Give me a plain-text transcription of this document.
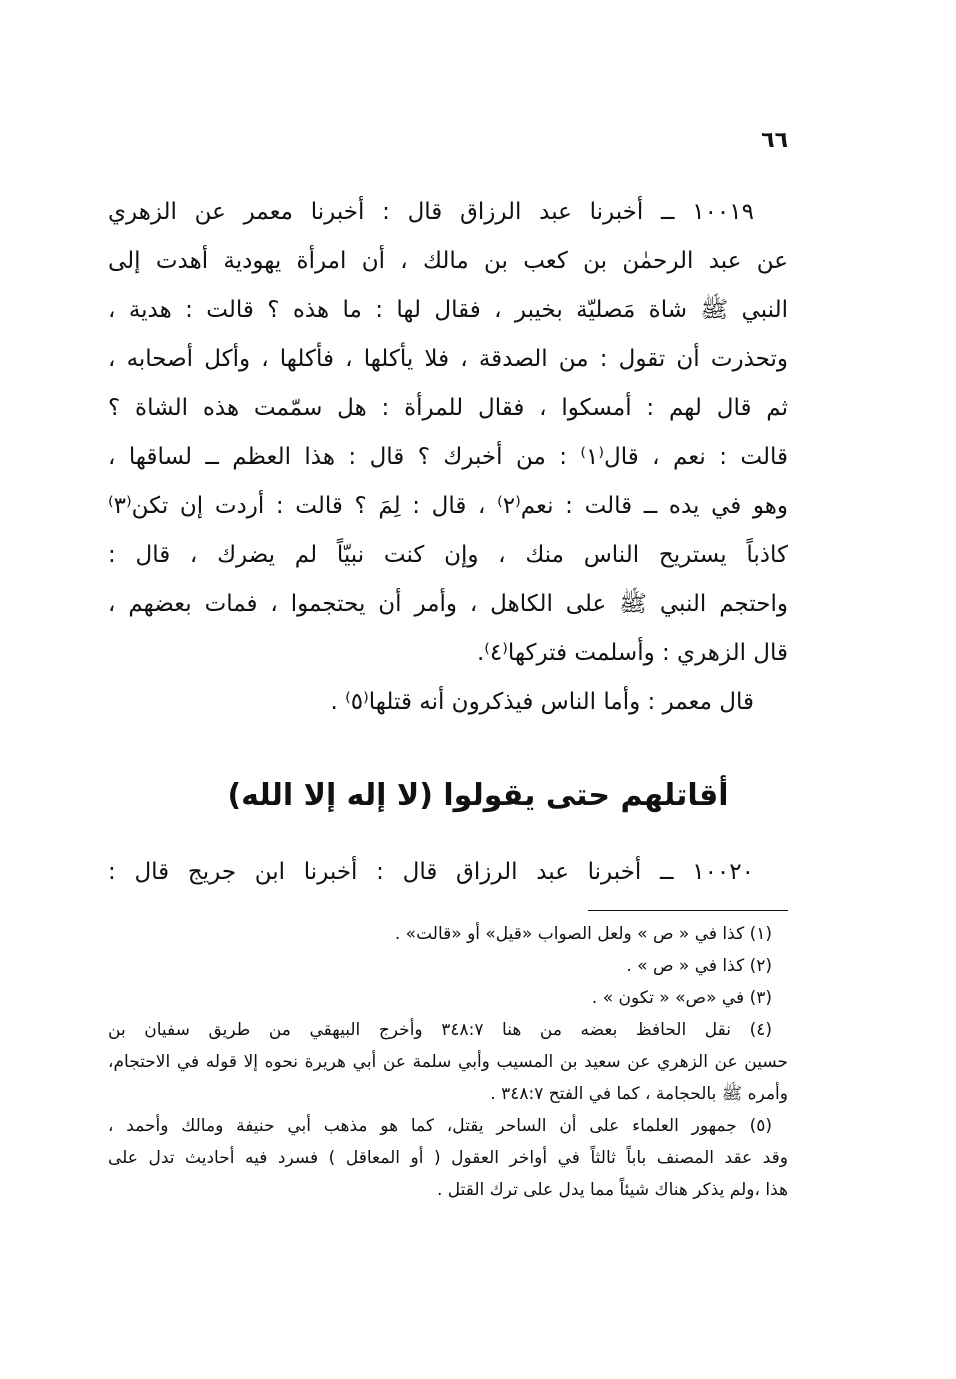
٦٦
١٠٠١٩ ــ أخبرنا عبد الرزاق قال : أخبرنا معمر عن الزهري
عن عبد الرحمٰن بن كعب بن مالك ، أن امرأة يهودية أهدت إلى
النبي ﷺ شاة مَصليّة بخيبر ، فقال لها : ما هذه ؟ قالت : هدية ،
وتحذرت أن تقول : من الصدقة ، فلا يأكلها ، فأكلها ، وأكل أصحابه ،
ثم قال لهم : أمسكوا ، فقال للمرأة : هل سمّمت هذه الشاة ؟
قالت : نعم ، قال⁽١⁾ : من أخبرك ؟ قال : هذا العظم ــ لساقها ،
وهو في يده ــ قالت : نعم⁽٢⁾ ، قال : لِمَ ؟ قالت : أردت إن تكن⁽٣⁾
كاذباً يستريح الناس منك ، وإن كنت نبيّاً لم يضرك ، قال :
واحتجم النبي ﷺ على الكاهل ، وأمر أن يحتجموا ، فمات بعضهم ،
قال الزهري : وأسلمت فتركها⁽٤⁾.
قال معمر : وأما الناس فيذكرون أنه قتلها⁽٥⁾ .
أقاتلهم حتى يقولوا (لا إله إلا الله)
١٠٠٢٠ ــ أخبرنا عبد الرزاق قال : أخبرنا ابن جريج قال :
(١) كذا في « ص » ولعل الصواب «قيل» أو «قالت» .
(٢) كذا في « ص » .
(٣) في «ص» « تكون » .
(٤) نقل الحافظ بعضه من هنا ٣٤٨:٧ وأخرج البيهقي من طريق سفيان بن
حسين عن الزهري عن سعيد بن المسيب وأبي سلمة عن أبي هريرة نحوه إلا قوله في الاحتجام،
وأمره ﷺ بالحجامة ، كما في الفتح ٣٤٨:٧ .
(٥) جمهور العلماء على أن الساحر يقتل، كما هو مذهب أبي حنيفة ومالك وأحمد ،
وقد عقد المصنف باباً ثالثاً في أواخر العقول ( أو المعاقل ) فسرد فيه أحاديث تدل على
هذا ،ولم يذكر هناك شيئاً مما يدل على ترك القتل .
